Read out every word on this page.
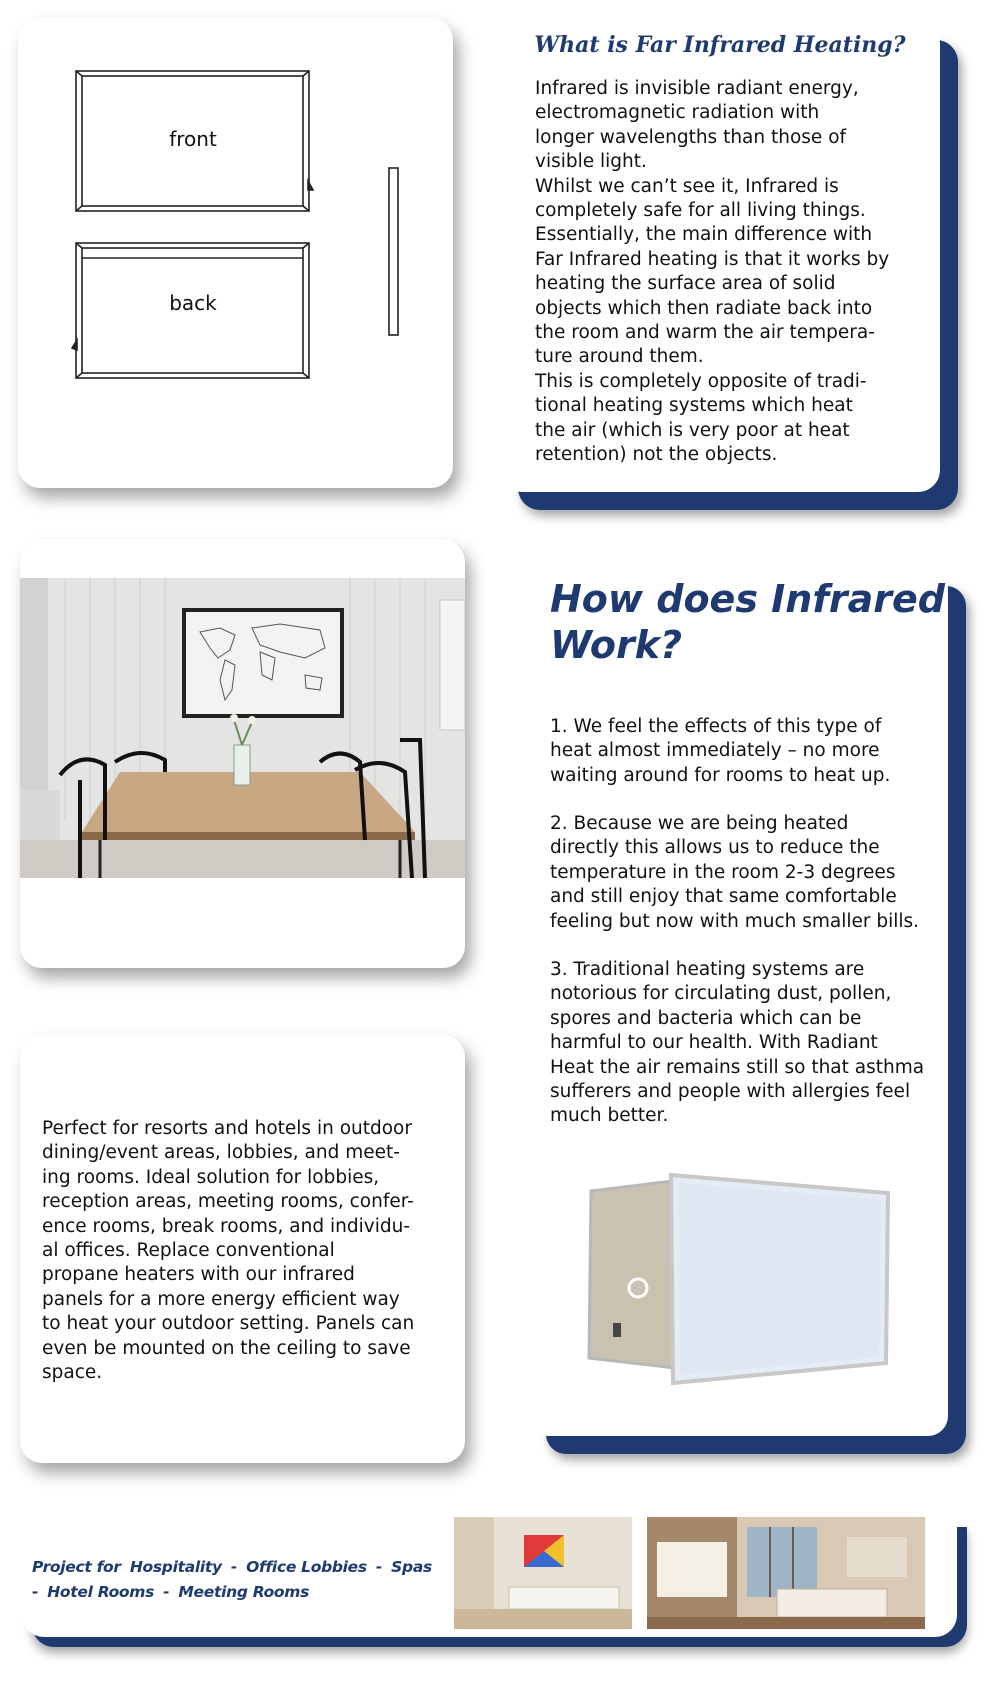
front
back
What is Far Infrared Heating?
Infrared is invisible radiant energy,
electromagnetic radiation with
longer wavelengths than those of
visible light.
Whilst we can’t see it, Infrared is
completely safe for all living things.
Essentially, the main difference with
Far Infrared heating is that it works by
heating the surface area of solid
objects which then radiate back into
the room and warm the air tempera-
ture around them.
This is completely opposite of tradi-
tional heating systems which heat
the air (which is very poor at heat
retention) not the objects.
How does Infrared
Work?
1. We feel the effects of this type of
heat almost immediately – no more
waiting around for rooms to heat up.
2. Because we are being heated
directly this allows us to reduce the
temperature in the room 2-3 degrees
and still enjoy that same comfortable
feeling but now with much smaller bills.
3. Traditional heating systems are
notorious for circulating dust, pollen,
spores and bacteria which can be
harmful to our health. With Radiant
Heat the air remains still so that asthma
sufferers and people with allergies feel
much better.
Perfect for resorts and hotels in outdoor
dining/event areas, lobbies, and meet-
ing rooms. Ideal solution for lobbies,
reception areas, meeting rooms, confer-
ence rooms, break rooms, and individu-
al offices. Replace conventional
propane heaters with our infrared
panels for a more energy efficient way
to heat your outdoor setting. Panels can
even be mounted on the ceiling to save
space.
Project for Hospitality - Office Lobbies - Spas
- Hotel Rooms - Meeting Rooms
